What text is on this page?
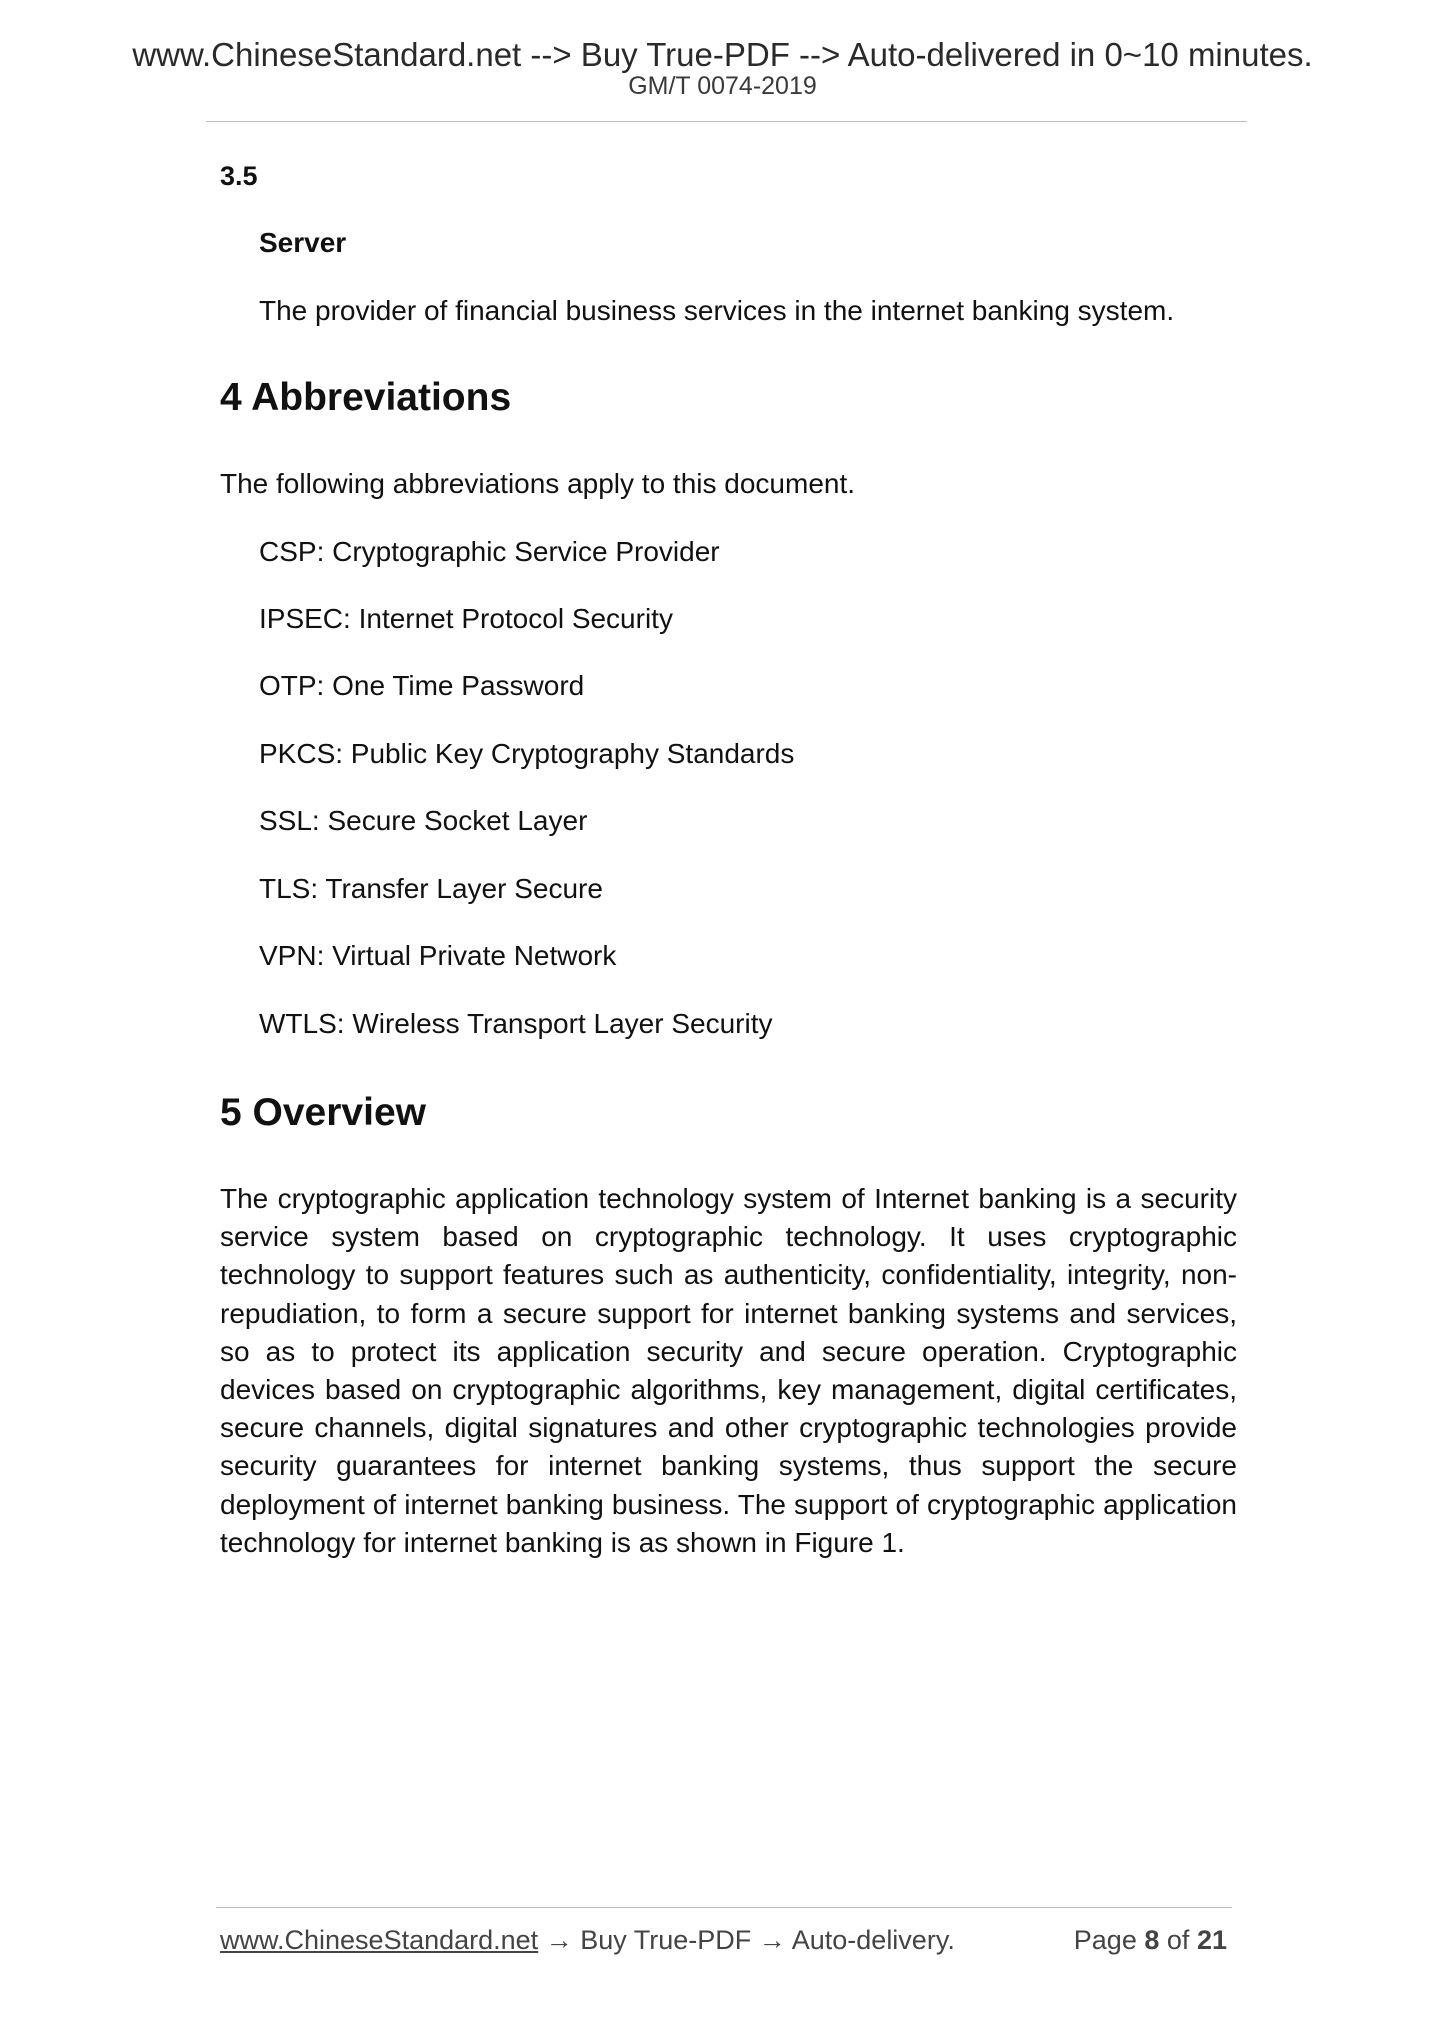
www.ChineseStandard.net --> Buy True-PDF --> Auto-delivered in 0~10 minutes.
GM/T 0074-2019
3.5
Server
The provider of financial business services in the internet banking system.
4 Abbreviations
The following abbreviations apply to this document.
CSP: Cryptographic Service Provider
IPSEC: Internet Protocol Security
OTP: One Time Password
PKCS: Public Key Cryptography Standards
SSL: Secure Socket Layer
TLS: Transfer Layer Secure
VPN: Virtual Private Network
WTLS: Wireless Transport Layer Security
5 Overview
The cryptographic application technology system of Internet banking is a security service system based on cryptographic technology. It uses cryptographic technology to support features such as authenticity, confidentiality, integrity, non-repudiation, to form a secure support for internet banking systems and services, so as to protect its application security and secure operation. Cryptographic devices based on cryptographic algorithms, key management, digital certificates, secure channels, digital signatures and other cryptographic technologies provide security guarantees for internet banking systems, thus support the secure deployment of internet banking business. The support of cryptographic application technology for internet banking is as shown in Figure 1.
www.ChineseStandard.net → Buy True-PDF → Auto-delivery.	Page 8 of 21
